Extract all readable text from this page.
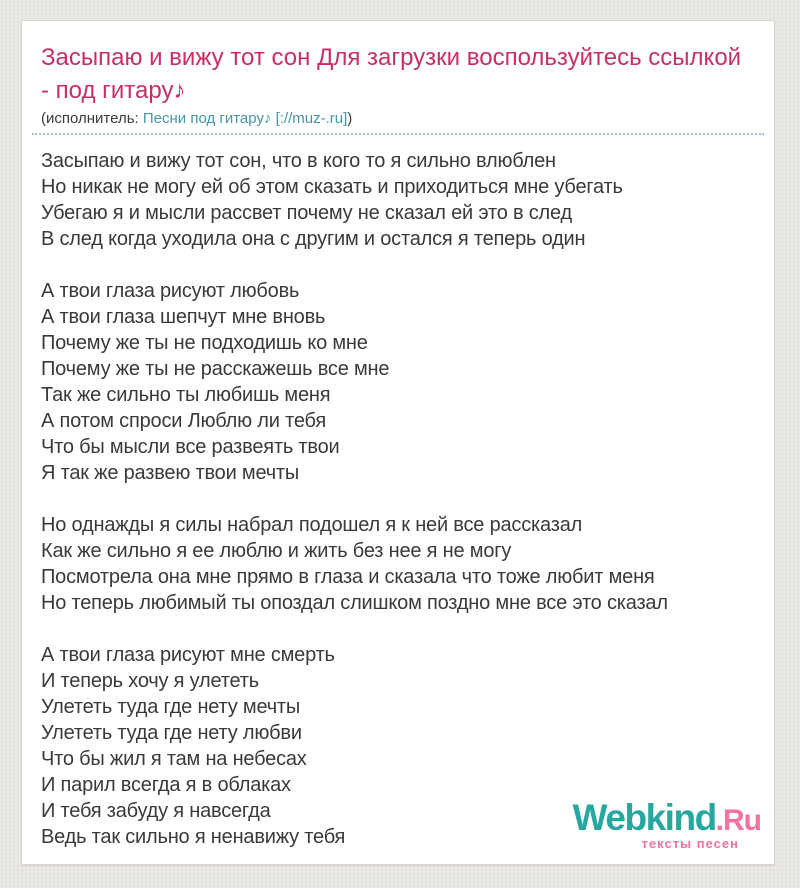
Засыпаю и вижу тот сон Для загрузки воспользуйтесь ссылкой - под гитару♪
(исполнитель: Песни под гитару♪ [://muz-.ru])

Засыпаю и вижу тот сон, что в кого то я сильно влюблен

Но никак не могу ей об этом сказать и приходиться мне убегать

Убегаю я и мысли рассвет почему не сказал ей это в след

В след когда уходила она с другим и остался я теперь один

А твои глаза рисуют любовь

А твои глаза шепчут мне вновь

Почему же ты не подходишь ко мне

Почему же ты не расскажешь все мне

Так же сильно ты любишь меня

А потом спроси Люблю ли тебя

Что бы мысли все развеять твои

Я так же развею твои мечты

Но однажды я силы набрал подошел я к ней все рассказал

Как же сильно я ее люблю и жить без нее я не могу

Посмотрела она мне прямо в глаза и сказала что тоже любит меня

Но теперь любимый ты опоздал слишком поздно мне все это сказал

А твои глаза рисуют мне смерть

И теперь хочу я улететь

Улететь туда где нету мечты

Улететь туда где нету любви

Что бы жил я там на небесах

И парил всегда я в облаках

И тебя забуду я навсегда

Ведь так сильно я ненавижу тебя	Webkind.Ru
тексты песен
